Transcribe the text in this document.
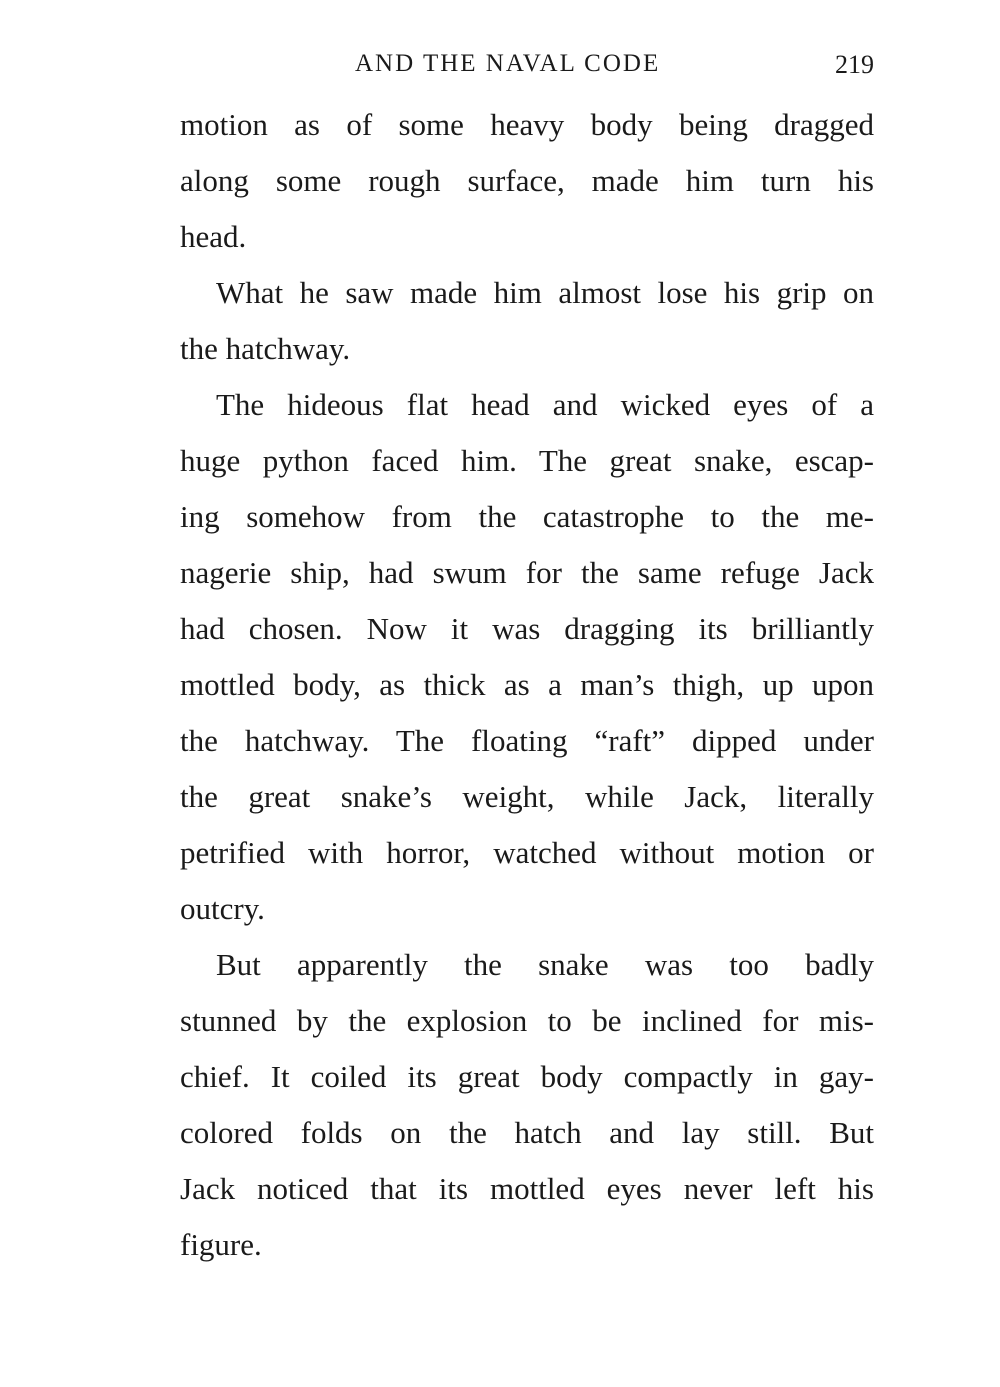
AND THE NAVAL CODE	219
motion as of some heavy body being dragged
along some rough surface, made him turn his
head.
What he saw made him almost lose his grip on
the hatchway.
The hideous flat head and wicked eyes of a
huge python faced him. The great snake, escap-
ing somehow from the catastrophe to the me-
nagerie ship, had swum for the same refuge Jack
had chosen. Now it was dragging its brilliantly
mottled body, as thick as a man’s thigh, up upon
the hatchway. The floating “raft” dipped under
the great snake’s weight, while Jack, literally
petrified with horror, watched without motion or
outcry.
But apparently the snake was too badly
stunned by the explosion to be inclined for mis-
chief. It coiled its great body compactly in gay-
colored folds on the hatch and lay still. But
Jack noticed that its mottled eyes never left his
figure.
